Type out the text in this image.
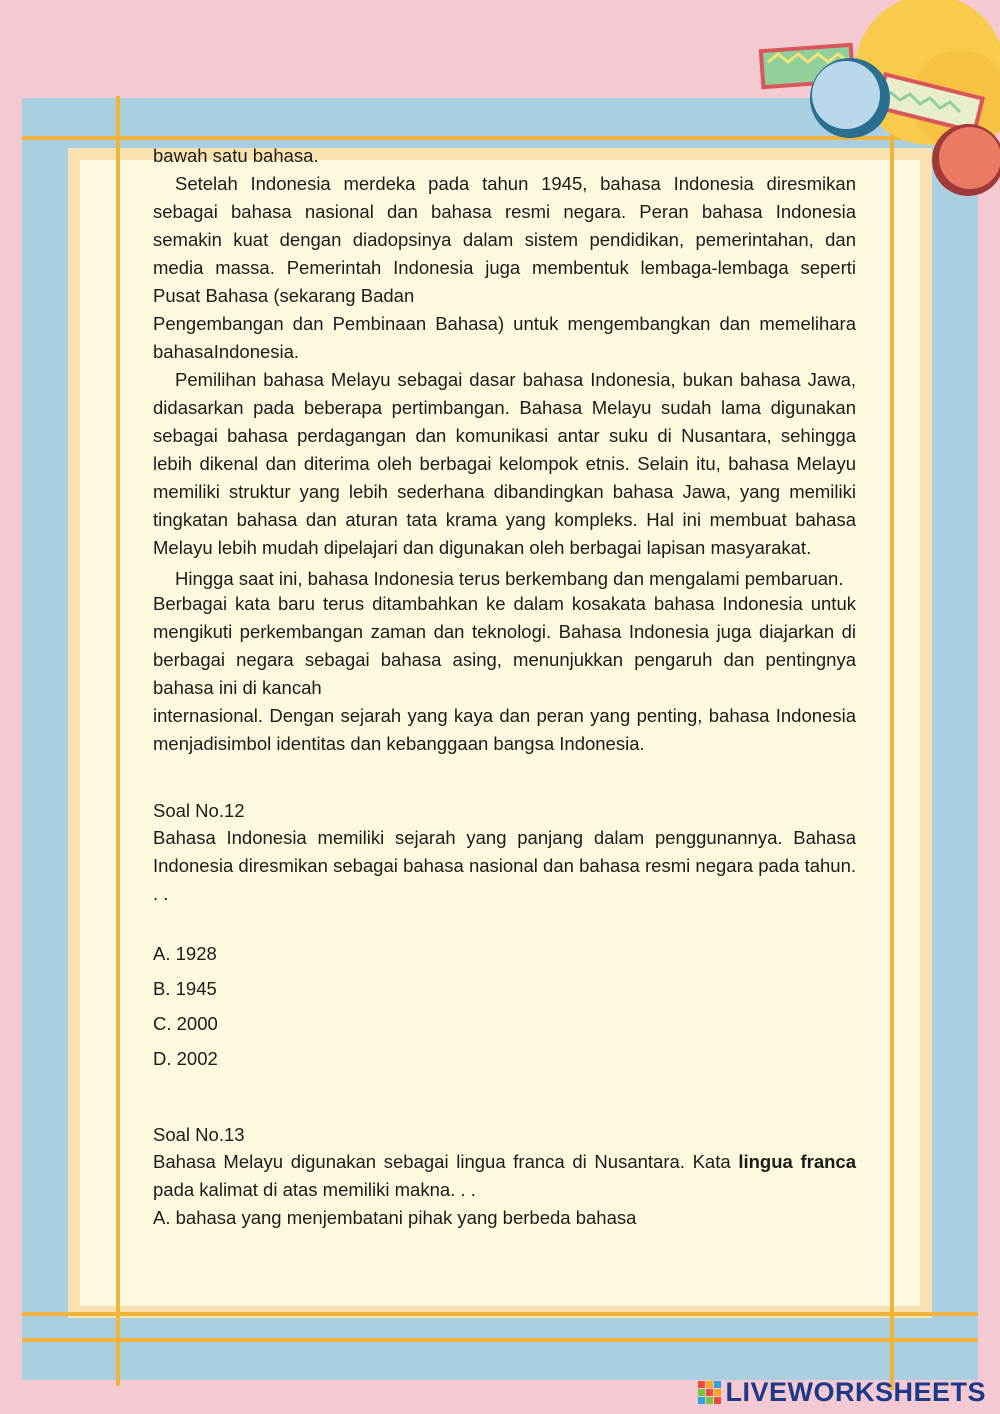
bawah satu bahasa.

Setelah Indonesia merdeka pada tahun 1945, bahasa Indonesia diresmikan sebagai bahasa nasional dan bahasa resmi negara. Peran bahasa Indonesia semakin kuat dengan diadopsinya dalam sistem pendidikan, pemerintahan, dan media massa. Pemerintah Indonesia juga membentuk lembaga-lembaga seperti Pusat Bahasa (sekarang Badan

Pengembangan dan Pembinaan Bahasa) untuk mengembangkan dan memelihara bahasaIndonesia.

Pemilihan bahasa Melayu sebagai dasar bahasa Indonesia, bukan bahasa Jawa, didasarkan pada beberapa pertimbangan. Bahasa Melayu sudah lama digunakan sebagai bahasa perdagangan dan komunikasi antar suku di Nusantara, sehingga lebih dikenal dan diterima oleh berbagai kelompok etnis. Selain itu, bahasa Melayu memiliki struktur yang lebih sederhana dibandingkan bahasa Jawa, yang memiliki tingkatan bahasa dan aturan tata krama yang kompleks. Hal ini membuat bahasa Melayu lebih mudah dipelajari dan digunakan oleh berbagai lapisan masyarakat.

Hingga saat ini, bahasa Indonesia terus berkembang dan mengalami pembaruan.

Berbagai kata baru terus ditambahkan ke dalam kosakata bahasa Indonesia untuk mengikuti perkembangan zaman dan teknologi. Bahasa Indonesia juga diajarkan di berbagai negara sebagai bahasa asing, menunjukkan pengaruh dan pentingnya bahasa ini di kancah

internasional. Dengan sejarah yang kaya dan peran yang penting, bahasa Indonesia menjadisimbol identitas dan kebanggaan bangsa Indonesia.

Soal No.12

Bahasa Indonesia memiliki sejarah yang panjang dalam penggunannya. Bahasa Indonesia diresmikan sebagai bahasa nasional dan bahasa resmi negara pada tahun. . .

A. 1928

B. 1945

C. 2000

D. 2002

Soal No.13

Bahasa Melayu digunakan sebagai lingua franca di Nusantara. Kata lingua franca pada kalimat di atas memiliki makna. . .

A. bahasa yang menjembatani pihak yang berbeda bahasa

LIVEWORKSHEETS
